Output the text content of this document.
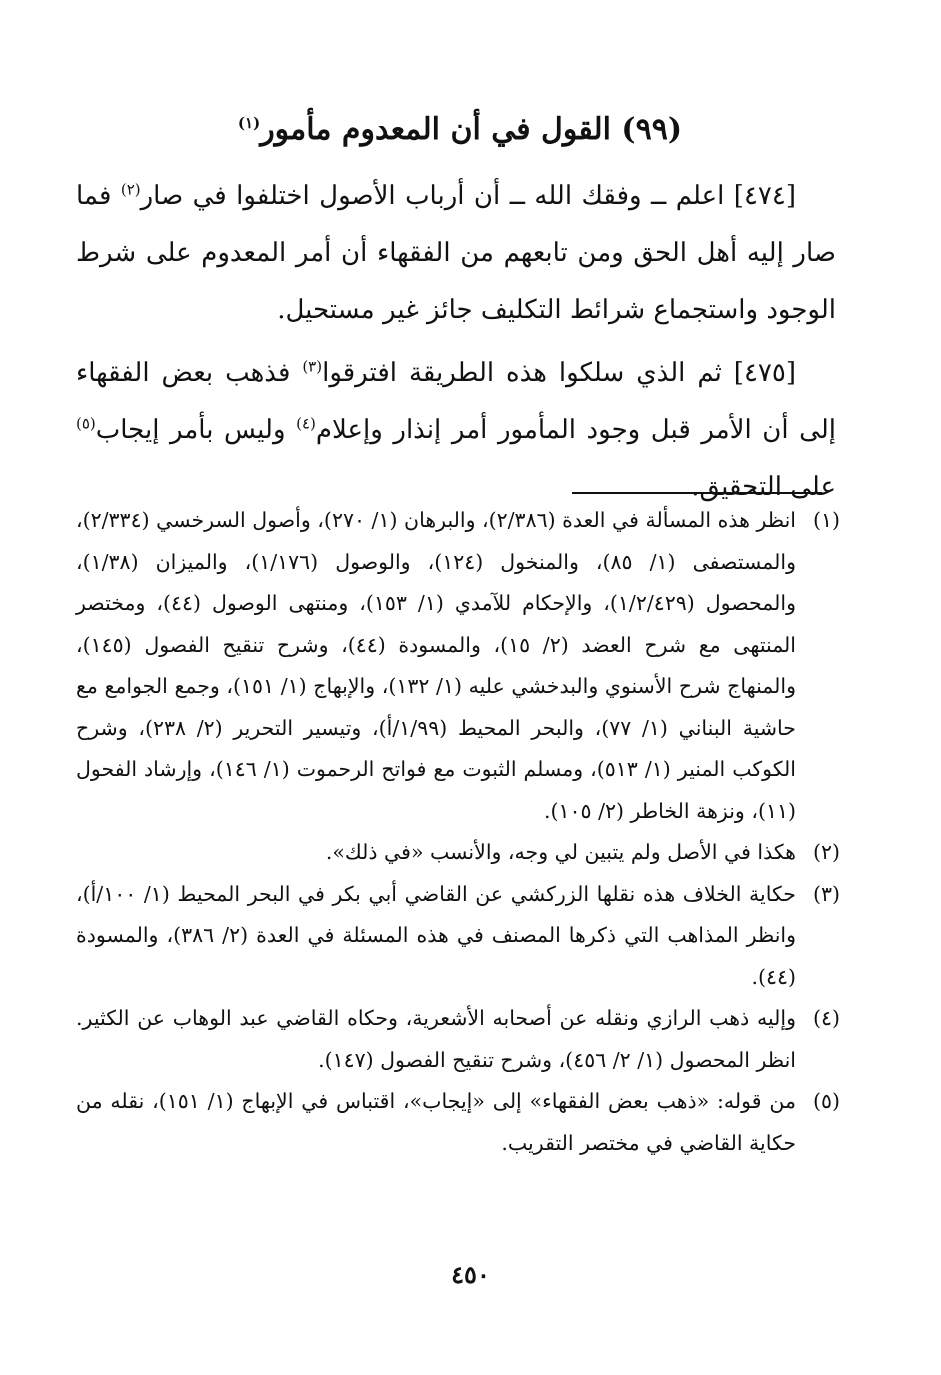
(٩٩) القول في أن المعدوم مأمور$^{(١)}$

[٤٧٤] اعلم ــ وفقك الله ــ أن أرباب الأصول اختلفوا في صار$^{(٢)}$ فما صار إليه أهل الحق ومن تابعهم من الفقهاء أن أمر المعدوم على شرط الوجود واستجماع شرائط التكليف جائز غير مستحيل.

[٤٧٥] ثم الذي سلكوا هذه الطريقة افترقوا$^{(٣)}$ فذهب بعض الفقهاء إلى أن الأمر قبل وجود المأمور أمر إنذار وإعلام$^{(٤)}$ وليس بأمر إيجاب$^{(٥)}$ على التحقيق.

(١)
انظر هذه المسألة في العدة (٢/٣٨٦)، والبرهان (١/ ٢٧٠)، وأصول السرخسي (٢/٣٣٤)، والمستصفى (١/ ٨٥)، والمنخول (١٢٤)، والوصول (١/١٧٦)، والميزان (١/٣٨)، والمحصول (١/٢/٤٢٩)، والإحكام للآمدي (١/ ١٥٣)، ومنتهى الوصول (٤٤)، ومختصر المنتهى مع شرح العضد (٢/ ١٥)، والمسودة (٤٤)، وشرح تنقيح الفصول (١٤٥)، والمنهاج شرح الأسنوي والبدخشي عليه (١/ ١٣٢)، والإبهاج (١/ ١٥١)، وجمع الجوامع مع حاشية البناني (١/ ٧٧)، والبحر المحيط (١/٩٩/أ)، وتيسير التحرير (٢/ ٢٣٨)، وشرح الكوكب المنير (١/ ٥١٣)، ومسلم الثبوت مع فواتح الرحموت (١/ ١٤٦)، وإرشاد الفحول (١١)، ونزهة الخاطر (٢/ ١٠٥).
(٢)
هكذا في الأصل ولم يتبين لي وجه، والأنسب «في ذلك».
(٣)
حكاية الخلاف هذه نقلها الزركشي عن القاضي أبي بكر في البحر المحيط (١/ ١٠٠/أ)، وانظر المذاهب التي ذكرها المصنف في هذه المسئلة في العدة (٢/ ٣٨٦)، والمسودة (٤٤).
(٤)
وإليه ذهب الرازي ونقله عن أصحابه الأشعرية، وحكاه القاضي عبد الوهاب عن الكثير. انظر المحصول (١/ ٢/ ٤٥٦)، وشرح تنقيح الفصول (١٤٧).
(٥)
من قوله: «ذهب بعض الفقهاء» إلى «إيجاب»، اقتباس في الإبهاج (١/ ١٥١)، نقله من حكاية القاضي في مختصر التقريب.
٤٥٠
